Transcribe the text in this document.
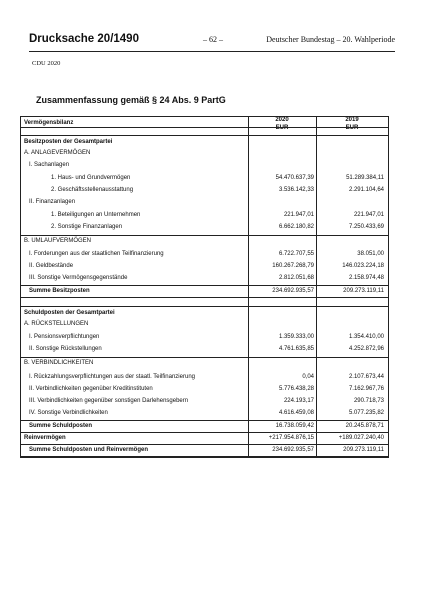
Drucksache 20/1490	– 62 –	Deutscher Bundestag – 20. Wahlperiode
CDU 2020
Zusammenfassung gemäß § 24 Abs. 9 PartG
Vermögensbilanz	2020	2019
EUR	EUR
Besitzposten der Gesamtpartei
A. ANLAGEVERMÖGEN
I. Sachanlagen
1. Haus- und Grundvermögen	54.470.637,39	51.289.384,11
2. Geschäftsstellenausstattung	3.536.142,33	2.291.104,64
II. Finanzanlagen
1. Beteiligungen an Unternehmen	221.947,01	221.947,01
2. Sonstige Finanzanlagen	6.662.180,82	7.250.433,69
B. UMLAUFVERMÖGEN
I. Forderungen aus der staatlichen Teilfinanzierung	6.722.707,55	38.051,00
II. Geldbestände	160.267.268,79	146.023.224,18
III. Sonstige Vermögensgegenstände	2.812.051,68	2.158.974,48
Summe Besitzposten	234.692.935,57	209.273.119,11
Schuldposten der Gesamtpartei
A. RÜCKSTELLUNGEN
I. Pensionsverpflichtungen	1.359.333,00	1.354.410,00
II. Sonstige Rückstellungen	4.761.635,85	4.252.872,96
B. VERBINDLICHKEITEN
I. Rückzahlungsverpflichtungen aus der staatl. Teilfinanzierung	0,04	2.107.673,44
II. Verbindlichkeiten gegenüber Kreditinstituten	5.776.438,28	7.162.967,76
III. Verbindlichkeiten gegenüber sonstigen Darlehensgebern	224.193,17	290.718,73
IV. Sonstige Verbindlichkeiten	4.616.459,08	5.077.235,82
Summe Schuldposten	16.738.059,42	20.245.878,71
Reinvermögen	+217.954.876,15	+189.027.240,40
Summe Schuldposten und Reinvermögen	234.692.935,57	209.273.119,11
